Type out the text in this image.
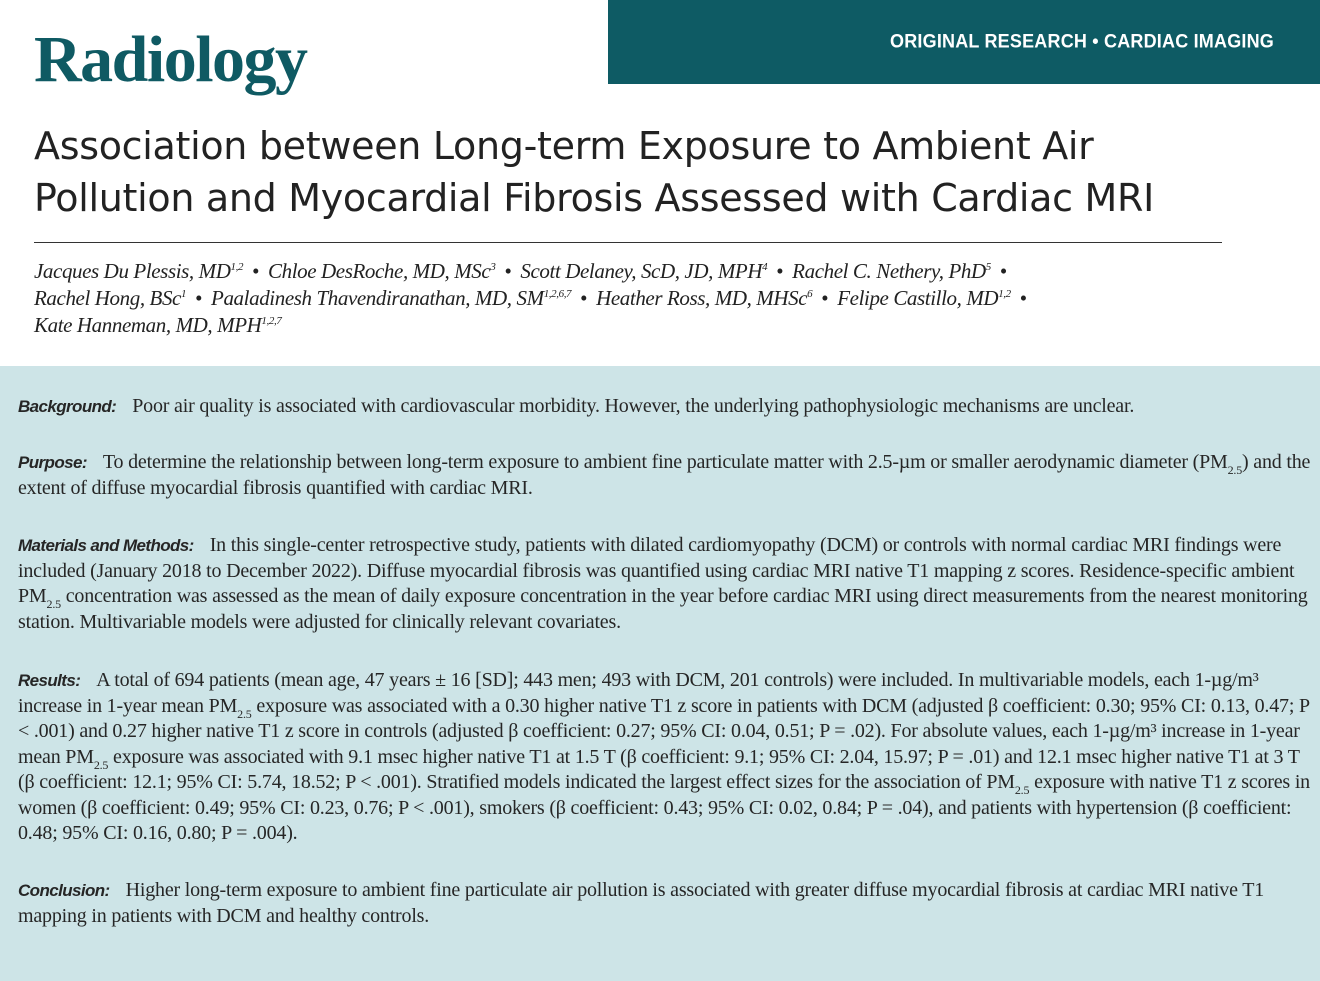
Radiology	ORIGINAL RESEARCH • CARDIAC IMAGING
Association between Long-term Exposure to Ambient Air Pollution and Myocardial Fibrosis Assessed with Cardiac MRI

Jacques Du Plessis, MD$^{1,2}$ • Chloe DesRoche, MD, MSc$^3$ • Scott Delaney, ScD, JD, MPH$^4$ • Rachel C. Nethery, PhD$^5$ •
Rachel Hong, BSc$^1$ • Paaladinesh Thavendiranathan, MD, SM$^{1,2,6,7}$ • Heather Ross, MD, MHSc$^6$ • Felipe Castillo, MD$^{1,2}$ •
Kate Hanneman, MD, MPH$^{1,2,7}$

Background: Poor air quality is associated with cardiovascular morbidity. However, the underlying pathophysiologic mechanisms are unclear.

Purpose: To determine the relationship between long-term exposure to ambient fine particulate matter with 2.5-µm or smaller aerodynamic diameter $(PM_{2.5})$ and the extent of diffuse myocardial fibrosis quantified with cardiac MRI.

Materials and Methods: In this single-center retrospective study, patients with dilated cardiomyopathy (DCM) or controls with normal cardiac MRI findings were included (January 2018 to December 2022). Diffuse myocardial fibrosis was quantified using cardiac MRI native T1 mapping z scores. Residence-specific ambient $PM_{2.5}$ concentration was assessed as the mean of daily exposure concentration in the year before cardiac MRI using direct measurements from the nearest monitoring station. Multivariable models were adjusted for clinically relevant covariates.

Results: A total of 694 patients (mean age, 47 years ± 16 [SD]; 443 men; 493 with DCM, 201 controls) were included. In multivariable models, each 1-µg/m³ increase in 1-year mean $PM_{2.5}$ exposure was associated with a 0.30 higher native T1 z score in patients with DCM (adjusted β coefficient: 0.30; 95% CI: 0.13, 0.47; P < .001) and 0.27 higher native T1 z score in controls (adjusted β coefficient: 0.27; 95% CI: 0.04, 0.51; P = .02). For absolute values, each 1-µg/m³ increase in 1-year mean $PM_{2.5}$ exposure was associated with 9.1 msec higher native T1 at 1.5 T (β coefficient: 9.1; 95% CI: 2.04, 15.97; P = .01) and 12.1 msec higher native T1 at 3 T (β coefficient: 12.1; 95% CI: 5.74, 18.52; P < .001). Stratified models indicated the largest effect sizes for the association of $PM_{2.5}$ exposure with native T1 z scores in women (β coefficient: 0.49; 95% CI: 0.23, 0.76; P < .001), smokers (β coefficient: 0.43; 95% CI: 0.02, 0.84; P = .04), and patients with hypertension (β coefficient: 0.48; 95% CI: 0.16, 0.80; P = .004).

Conclusion: Higher long-term exposure to ambient fine particulate air pollution is associated with greater diffuse myocardial fibrosis at cardiac MRI native T1 mapping in patients with DCM and healthy controls.
